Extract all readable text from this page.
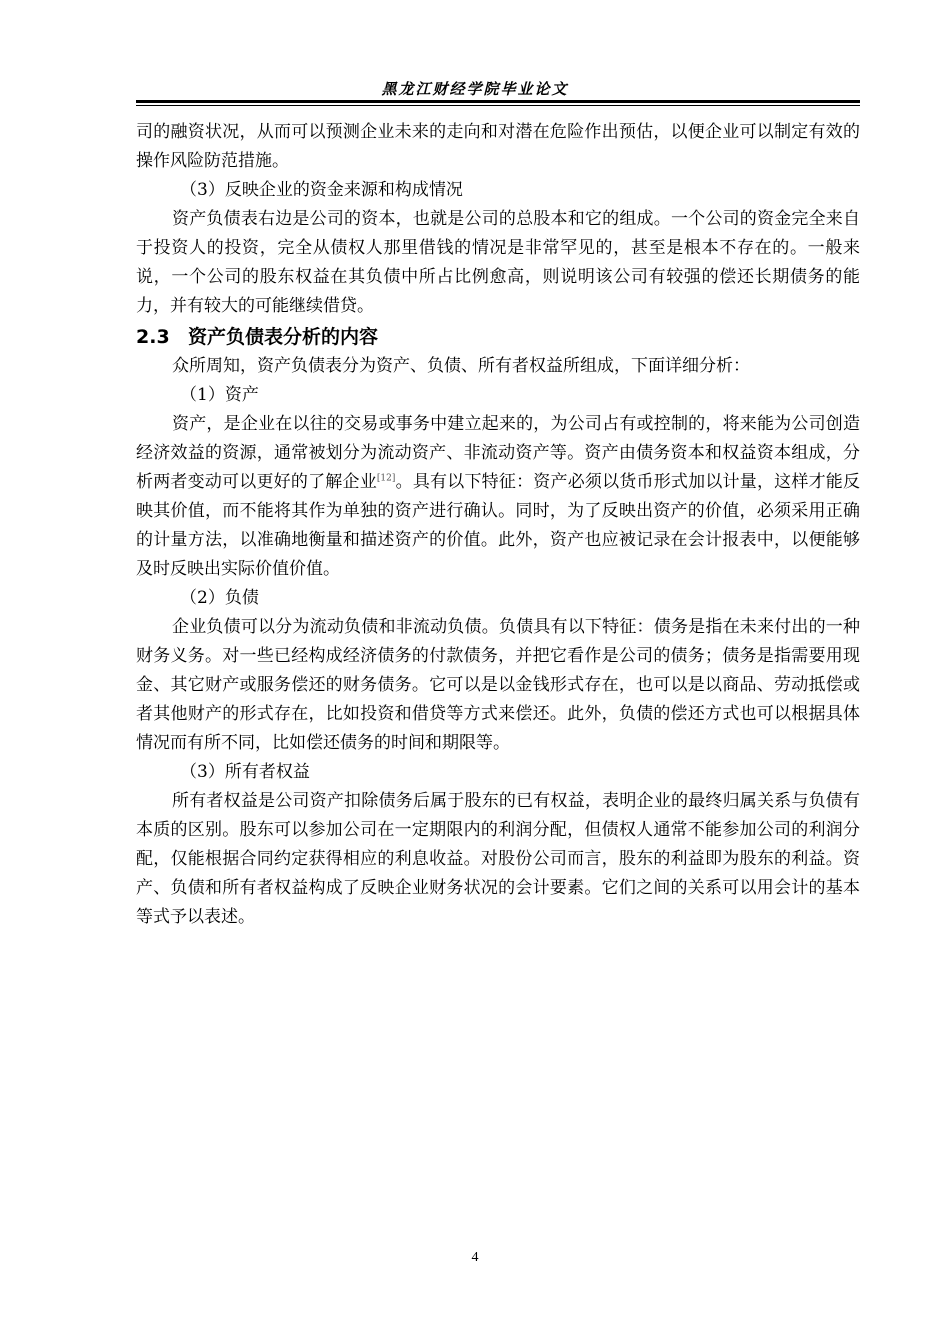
黑龙江财经学院毕业论文

司的融资状况，从而可以预测企业未来的走向和对潜在危险作出预估，以便企业可以制定有效的操作风险防范措施。

（3）反映企业的资金来源和构成情况

资产负债表右边是公司的资本，也就是公司的总股本和它的组成。一个公司的资金完全来自于投资人的投资，完全从债权人那里借钱的情况是非常罕见的，甚至是根本不存在的。一般来说，一个公司的股东权益在其负债中所占比例愈高，则说明该公司有较强的偿还长期债务的能力，并有较大的可能继续借贷。

2.3 资产负债表分析的内容

众所周知，资产负债表分为资产、负债、所有者权益所组成，下面详细分析：

（1）资产

资产，是企业在以往的交易或事务中建立起来的，为公司占有或控制的，将来能为公司创造经济效益的资源，通常被划分为流动资产、非流动资产等。资产由债务资本和权益资本组成，分析两者变动可以更好的了解企业[12]。具有以下特征：资产必须以货币形式加以计量，这样才能反映其价值，而不能将其作为单独的资产进行确认。同时，为了反映出资产的价值，必须采用正确的计量方法，以准确地衡量和描述资产的价值。此外，资产也应被记录在会计报表中，以便能够及时反映出实际价值价值。

（2）负债

企业负债可以分为流动负债和非流动负债。负债具有以下特征：债务是指在未来付出的一种财务义务。对一些已经构成经济债务的付款债务，并把它看作是公司的债务；债务是指需要用现金、其它财产或服务偿还的财务债务。它可以是以金钱形式存在，也可以是以商品、劳动抵偿或者其他财产的形式存在，比如投资和借贷等方式来偿还。此外，负债的偿还方式也可以根据具体情况而有所不同，比如偿还债务的时间和期限等。

（3）所有者权益

所有者权益是公司资产扣除债务后属于股东的已有权益，表明企业的最终归属关系与负债有本质的区别。股东可以参加公司在一定期限内的利润分配，但债权人通常不能参加公司的利润分配，仅能根据合同约定获得相应的利息收益。对股份公司而言，股东的利益即为股东的利益。资产、负债和所有者权益构成了反映企业财务状况的会计要素。它们之间的关系可以用会计的基本等式予以表述。

4
